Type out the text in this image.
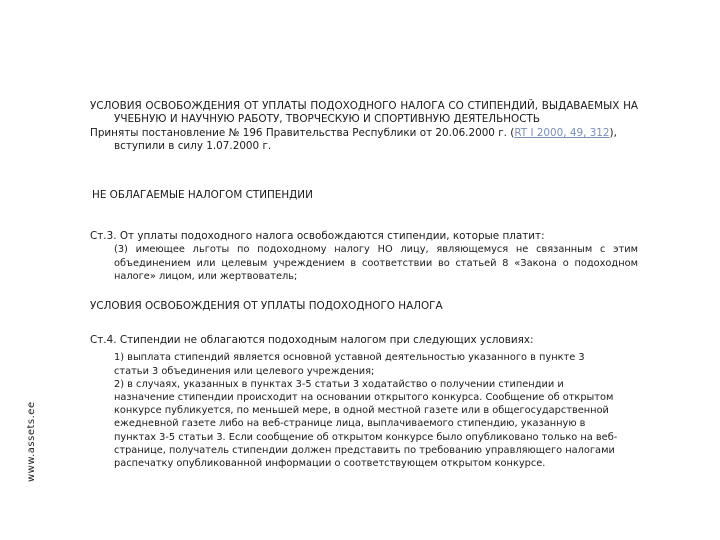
www.assets.ee

УСЛОВИЯ ОСВОБОЖДЕНИЯ ОТ УПЛАТЫ ПОДОХОДНОГО НАЛОГА СО СТИПЕНДИЙ, ВЫДАВАЕМЫХ НА УЧЕБНУЮ И НАУЧНУЮ РАБОТУ, ТВОРЧЕСКУЮ И СПОРТИВНУЮ ДЕЯТЕЛЬНОСТЬ

Приняты постановление № 196 Правительства Республики от 20.06.2000 г. (RT I 2000, 49, 312), вступили в силу 1.07.2000 г.

НЕ ОБЛАГАЕМЫЕ НАЛОГОМ СТИПЕНДИИ

Ст.3. От уплаты подоходного налога освобождаются стипендии, которые платит:

(3) имеющее льготы по подоходному налогу НО лицу, являющемуся не связанным с этим объединением или целевым учреждением в соответствии во статьей 8 «Закона о подоходном налоге» лицом, или жертвователь;

УСЛОВИЯ ОСВОБОЖДЕНИЯ ОТ УПЛАТЫ ПОДОХОДНОГО НАЛОГА

Ст.4. Стипендии не облагаются подоходным налогом при следующих условиях:

1) выплата стипендий является основной уставной деятельностью указанного в пункте 3 статьи 3 объединения или целевого учреждения;

2) в случаях, указанных в пунктах 3-5 статьи 3 ходатайство о получении стипендии и назначение стипендии происходит на основании открытого конкурса. Сообщение об открытом конкурсе публикуется, по меньшей мере, в одной местной газете или в общегосударственной ежедневной газете либо на веб-странице лица, выплачиваемого стипендию, указанную в пунктах 3-5 статьи 3. Если сообщение об открытом конкурсе было опубликовано только на веб-странице, получатель стипендии должен представить по требованию управляющего налогами распечатку опубликованной информации о соответствующем открытом конкурсе.
